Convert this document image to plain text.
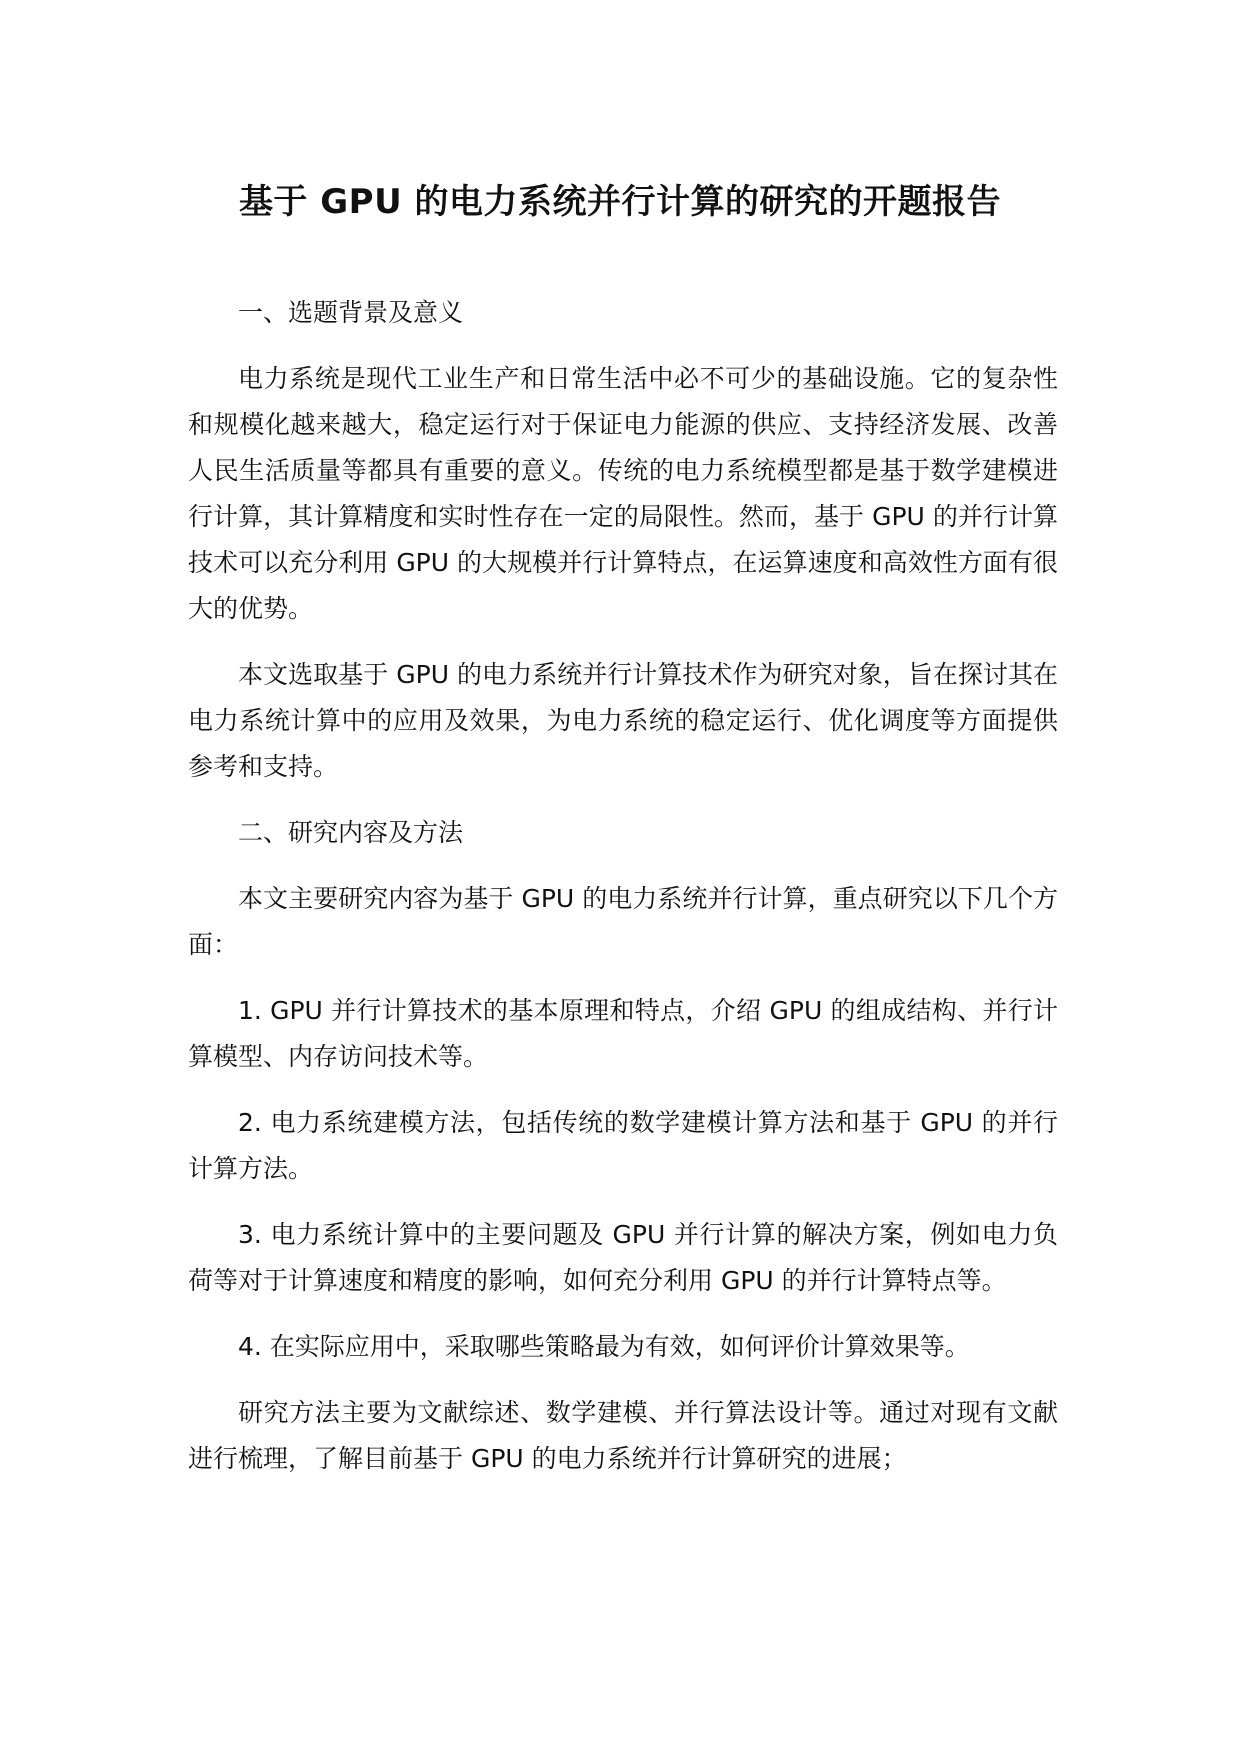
基于 GPU 的电力系统并行计算的研究的开题报告

一、选题背景及意义

电力系统是现代工业生产和日常生活中必不可少的基础设施。它的复杂性和规模化越来越大，稳定运行对于保证电力能源的供应、支持经济发展、改善人民生活质量等都具有重要的意义。传统的电力系统模型都是基于数学建模进行计算，其计算精度和实时性存在一定的局限性。然而，基于 GPU 的并行计算技术可以充分利用 GPU 的大规模并行计算特点，在运算速度和高效性方面有很大的优势。

本文选取基于 GPU 的电力系统并行计算技术作为研究对象，旨在探讨其在电力系统计算中的应用及效果，为电力系统的稳定运行、优化调度等方面提供参考和支持。

二、研究内容及方法

本文主要研究内容为基于 GPU 的电力系统并行计算，重点研究以下几个方面：

1. GPU 并行计算技术的基本原理和特点，介绍 GPU 的组成结构、并行计算模型、内存访问技术等。

2. 电力系统建模方法，包括传统的数学建模计算方法和基于 GPU 的并行计算方法。

3. 电力系统计算中的主要问题及 GPU 并行计算的解决方案，例如电力负荷等对于计算速度和精度的影响，如何充分利用 GPU 的并行计算特点等。

4. 在实际应用中，采取哪些策略最为有效，如何评价计算效果等。

研究方法主要为文献综述、数学建模、并行算法设计等。通过对现有文献进行梳理，了解目前基于 GPU 的电力系统并行计算研究的进展；
